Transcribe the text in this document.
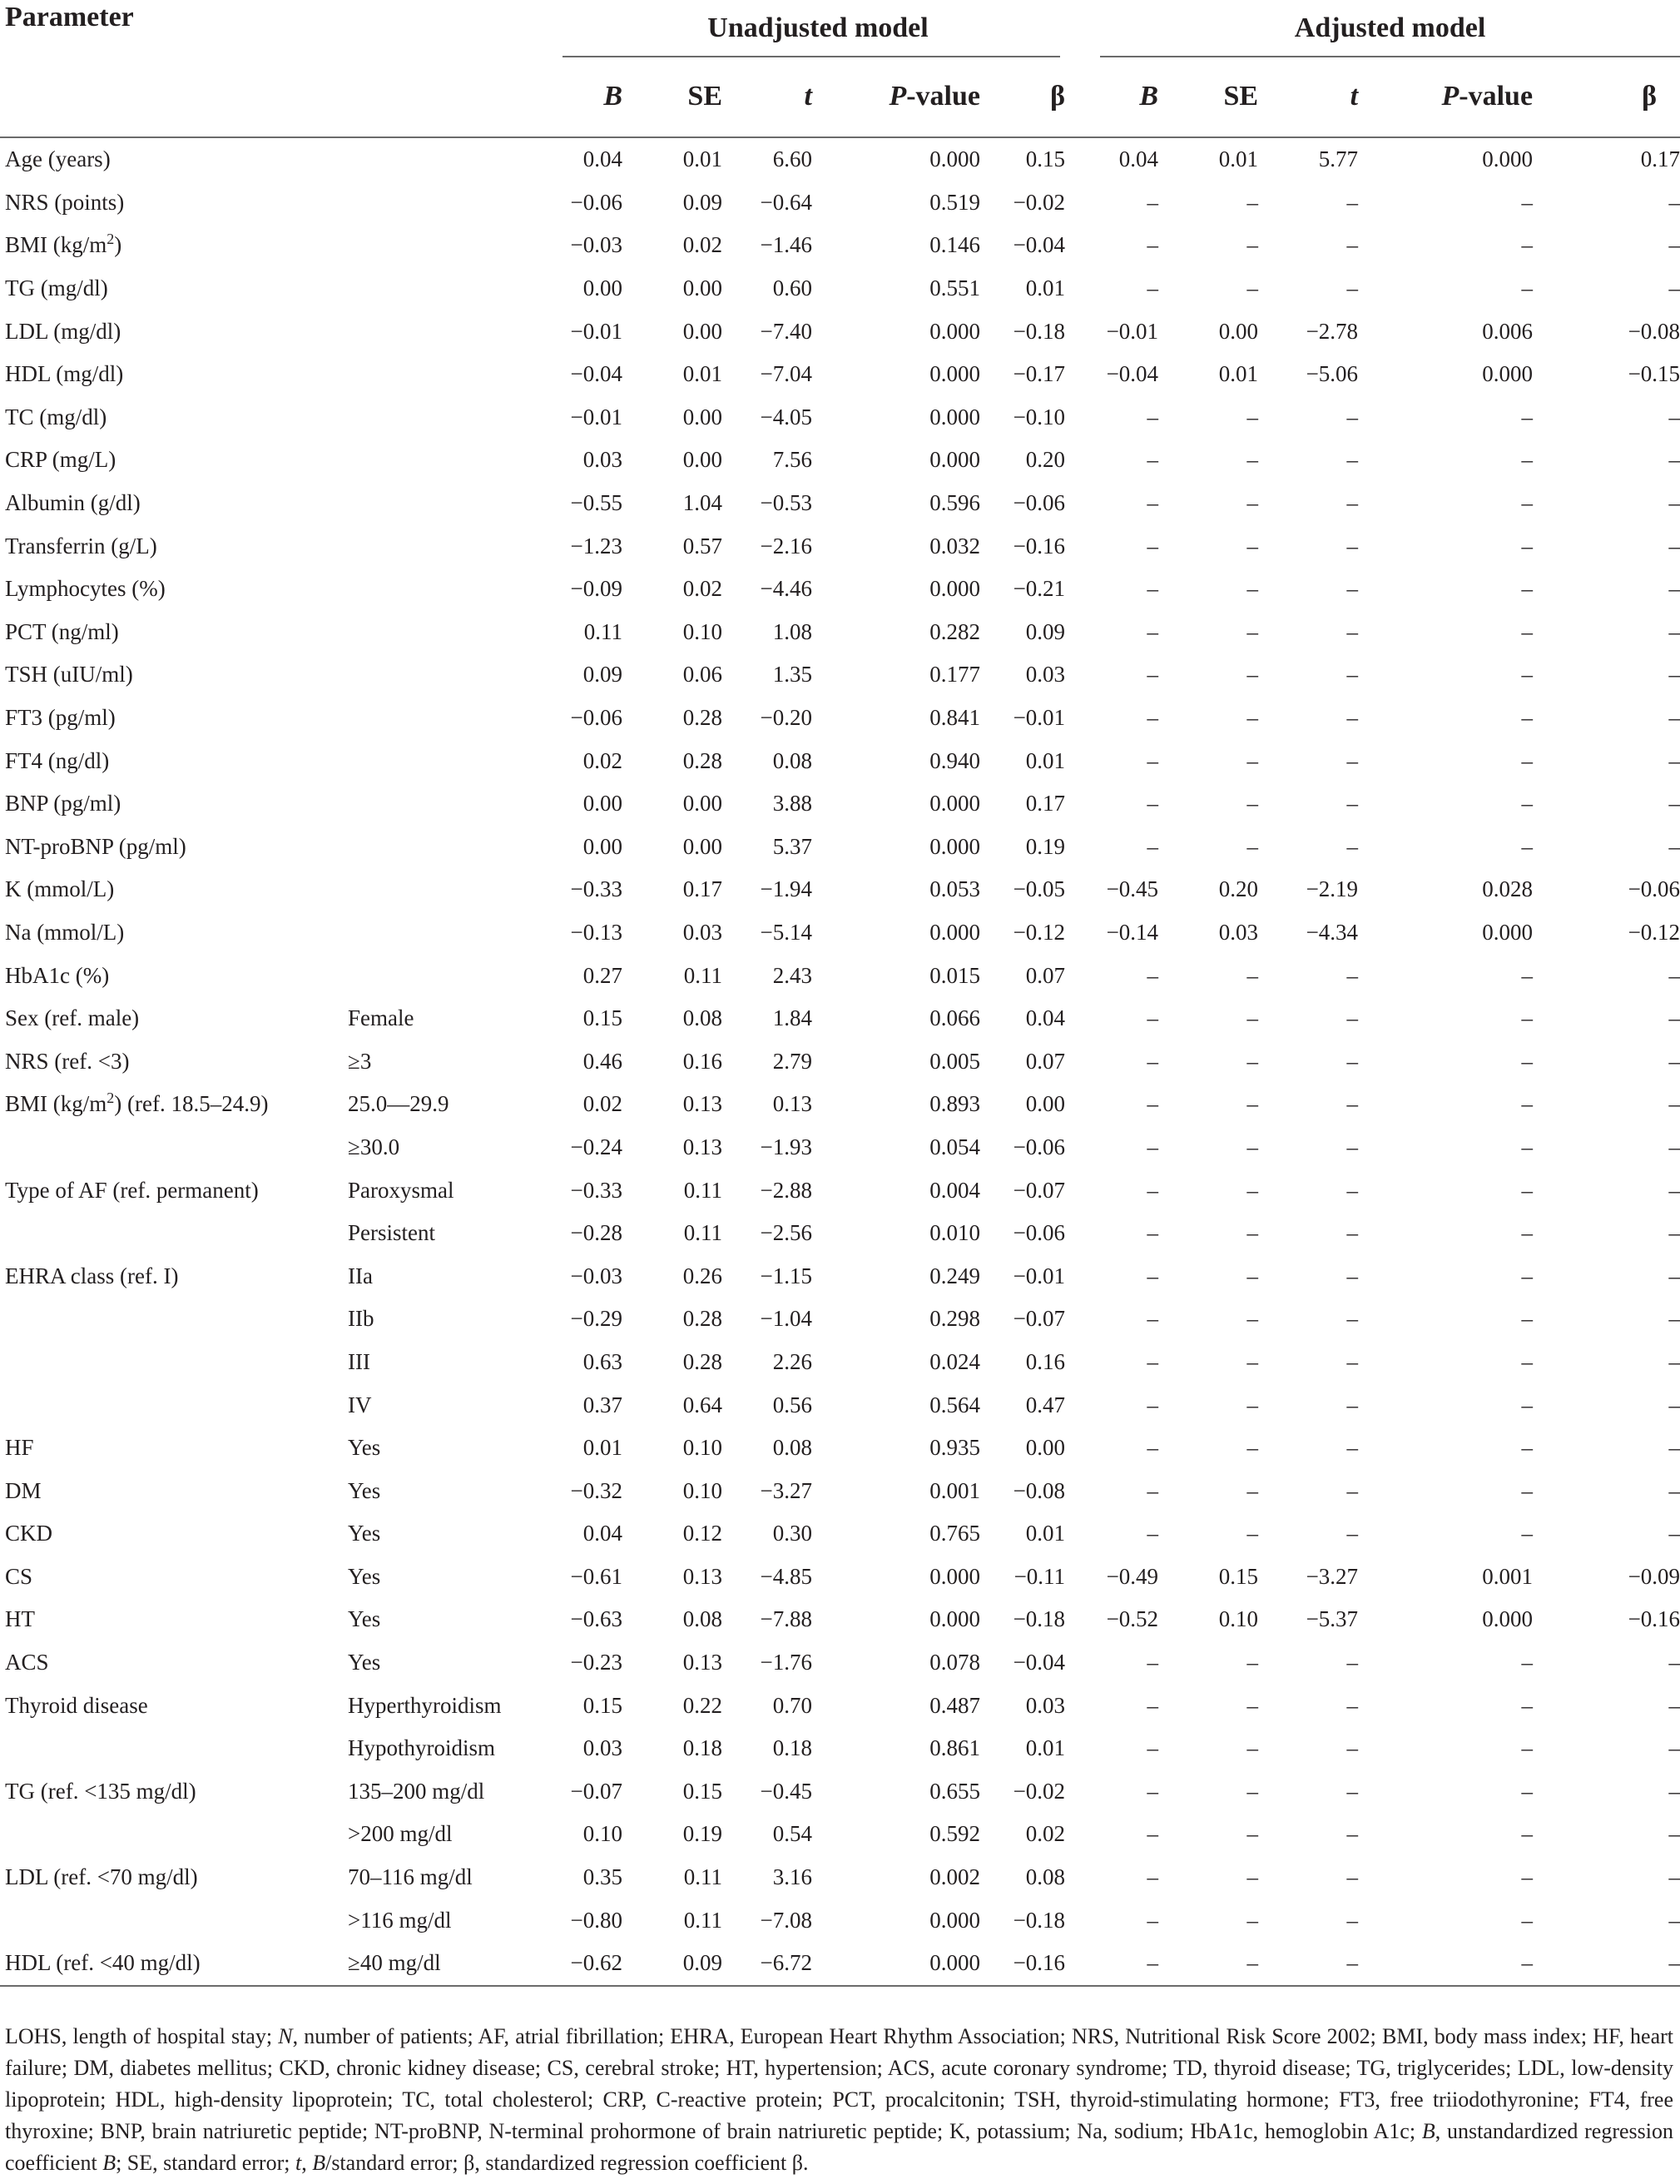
Parameter		Unadjusted model						Adjusted model				

		B	SE	t	P-value	β		B	SE	t	P-value	β

Age (years)		0.04	0.01	6.60	0.000	0.15		0.04	0.01	5.77	0.000	0.17
NRS (points)		−0.06	0.09	−0.64	0.519	−0.02		–	–	–	–	–
BMI $(kg/m^2)$		−0.03	0.02	−1.46	0.146	−0.04		–	–	–	–	–
TG (mg/dl)		0.00	0.00	0.60	0.551	0.01		–	–	–	–	–
LDL (mg/dl)		−0.01	0.00	−7.40	0.000	−0.18		−0.01	0.00	−2.78	0.006	−0.08
HDL (mg/dl)		−0.04	0.01	−7.04	0.000	−0.17		−0.04	0.01	−5.06	0.000	−0.15
TC (mg/dl)		−0.01	0.00	−4.05	0.000	−0.10		–	–	–	–	–
CRP (mg/L)		0.03	0.00	7.56	0.000	0.20		–	–	–	–	–
Albumin (g/dl)		−0.55	1.04	−0.53	0.596	−0.06		–	–	–	–	–
Transferrin (g/L)		−1.23	0.57	−2.16	0.032	−0.16		–	–	–	–	–
Lymphocytes (%)		−0.09	0.02	−4.46	0.000	−0.21		–	–	–	–	–
PCT (ng/ml)		0.11	0.10	1.08	0.282	0.09		–	–	–	–	–
TSH (uIU/ml)		0.09	0.06	1.35	0.177	0.03		–	–	–	–	–
FT3 (pg/ml)		−0.06	0.28	−0.20	0.841	−0.01		–	–	–	–	–
FT4 (ng/dl)		0.02	0.28	0.08	0.940	0.01		–	–	–	–	–
BNP (pg/ml)		0.00	0.00	3.88	0.000	0.17		–	–	–	–	–
NT-proBNP (pg/ml)		0.00	0.00	5.37	0.000	0.19		–	–	–	–	–
K (mmol/L)		−0.33	0.17	−1.94	0.053	−0.05		−0.45	0.20	−2.19	0.028	−0.06
Na (mmol/L)		−0.13	0.03	−5.14	0.000	−0.12		−0.14	0.03	−4.34	0.000	−0.12
HbA1c (%)		0.27	0.11	2.43	0.015	0.07		–	–	–	–	–
Sex (ref. male)	Female	0.15	0.08	1.84	0.066	0.04		–	–	–	–	–
NRS (ref. <3)	≥3	0.46	0.16	2.79	0.005	0.07		–	–	–	–	–
BMI $(kg/m^2)$ (ref. 18.5–24.9)	25.0—29.9	0.02	0.13	0.13	0.893	0.00		–	–	–	–	–
	≥30.0	−0.24	0.13	−1.93	0.054	−0.06		–	–	–	–	–
Type of AF (ref. permanent)	Paroxysmal	−0.33	0.11	−2.88	0.004	−0.07		–	–	–	–	–
	Persistent	−0.28	0.11	−2.56	0.010	−0.06		–	–	–	–	–
EHRA class (ref. I)	IIa	−0.03	0.26	−1.15	0.249	−0.01		–	–	–	–	–
	IIb	−0.29	0.28	−1.04	0.298	−0.07		–	–	–	–	–
	III	0.63	0.28	2.26	0.024	0.16		–	–	–	–	–
	IV	0.37	0.64	0.56	0.564	0.47		–	–	–	–	–
HF	Yes	0.01	0.10	0.08	0.935	0.00		–	–	–	–	–
DM	Yes	−0.32	0.10	−3.27	0.001	−0.08		–	–	–	–	–
CKD	Yes	0.04	0.12	0.30	0.765	0.01		–	–	–	–	–
CS	Yes	−0.61	0.13	−4.85	0.000	−0.11		−0.49	0.15	−3.27	0.001	−0.09
HT	Yes	−0.63	0.08	−7.88	0.000	−0.18		−0.52	0.10	−5.37	0.000	−0.16
ACS	Yes	−0.23	0.13	−1.76	0.078	−0.04		–	–	–	–	–
Thyroid disease	Hyperthyroidism	0.15	0.22	0.70	0.487	0.03		–	–	–	–	–
	Hypothyroidism	0.03	0.18	0.18	0.861	0.01		–	–	–	–	–
TG (ref. <135 mg/dl)	135–200 mg/dl	−0.07	0.15	−0.45	0.655	−0.02		–	–	–	–	–
	>200 mg/dl	0.10	0.19	0.54	0.592	0.02		–	–	–	–	–
LDL (ref. <70 mg/dl)	70–116 mg/dl	0.35	0.11	3.16	0.002	0.08		–	–	–	–	–
	>116 mg/dl	−0.80	0.11	−7.08	0.000	−0.18		–	–	–	–	–
HDL (ref. <40 mg/dl)	≥40 mg/dl	−0.62	0.09	−6.72	0.000	−0.16		–	–	–	–	–

LOHS, length of hospital stay; N, number of patients; AF, atrial fibrillation; EHRA, European Heart Rhythm Association; NRS, Nutritional Risk Score 2002; BMI, body mass index; HF, heart failure; DM, diabetes mellitus; CKD, chronic kidney disease; CS, cerebral stroke; HT, hypertension; ACS, acute coronary syndrome; TD, thyroid disease; TG, triglycerides; LDL, low-density lipoprotein; HDL, high-density lipoprotein; TC, total cholesterol; CRP, C-reactive protein; PCT, procalcitonin; TSH, thyroid-stimulating hormone; FT3, free triiodothyronine; FT4, free thyroxine; BNP, brain natriuretic peptide; NT-proBNP, N-terminal prohormone of brain natriuretic peptide; K, potassium; Na, sodium; HbA1c, hemoglobin A1c; B, unstandardized regression coefficient B; SE, standard error; t, B/standard error; β, standardized regression coefficient β.
